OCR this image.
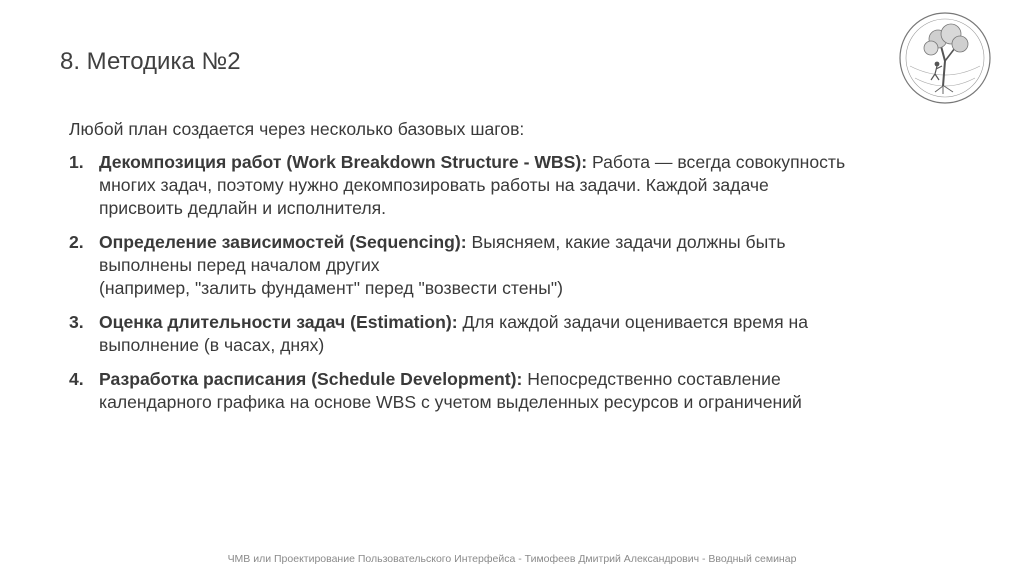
8. Методика №2

Любой план создается через несколько базовых шагов:

1. Декомпозиция работ (Work Breakdown Structure - WBS): Работа — всегда совокупность
многих задач, поэтому нужно декомпозировать работы на задачи. Каждой задаче
присвоить дедлайн и исполнителя.
2. Определение зависимостей (Sequencing): Выясняем, какие задачи должны быть
выполнены перед началом других
(например, "залить фундамент" перед "возвести стены")
3. Оценка длительности задач (Estimation): Для каждой задачи оценивается время на
выполнение (в часах, днях)
4. Разработка расписания (Schedule Development): Непосредственно составление
календарного графика на основе WBS с учетом выделенных ресурсов и ограничений
ЧМВ или Проектирование Пользовательского Интерфейса - Тимофеев Дмитрий Александрович - Вводный семинар
